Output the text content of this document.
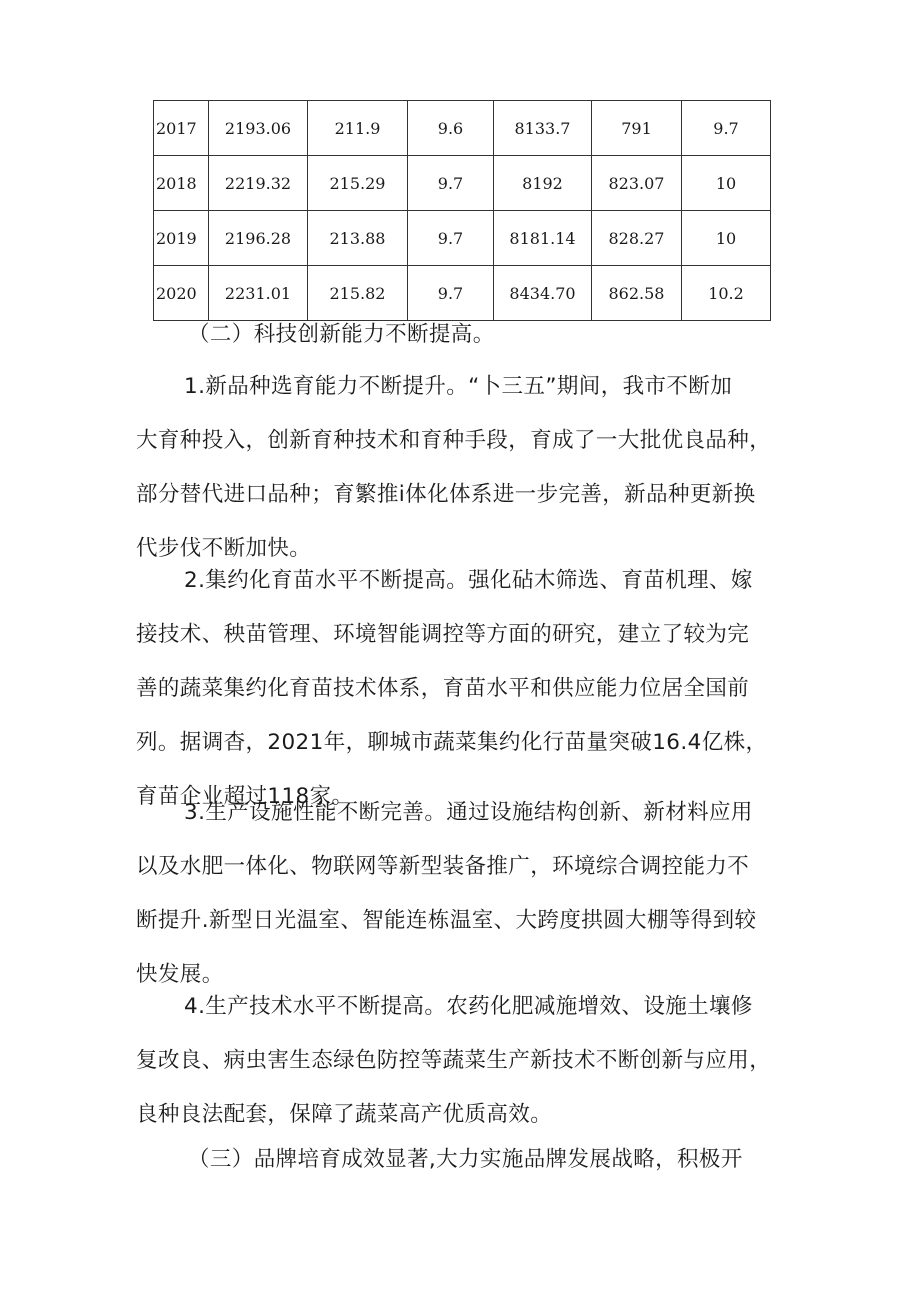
2017	2193.06	211.9	9.6	8133.7	791	9.7
2018	2219.32	215.29	9.7	8192	823.07	10
2019	2196.28	213.88	9.7	8181.14	828.27	10
2020	2231.01	215.82	9.7	8434.70	862.58	10.2
（二）科技创新能力不断提高。
1.新品种选育能力不断提升。“卜三五”期间，我市不断加
大育种投入，创新育种技术和育种手段，育成了一大批优良品种，
部分替代进口品种；育繁推i体化体系进一步完善，新品种更新换
代步伐不断加快。
2.集约化育苗水平不断提高。强化砧木筛选、育苗机理、嫁
接技术、秧苗管理、环境智能调控等方面的研究，建立了较为完
善的蔬菜集约化育苗技术体系，育苗水平和供应能力位居全国前
列。据调杳，2021年，聊城市蔬菜集约化行苗量突破16.4亿株，
育苗企业超过118家。
3.生产设施性能不断完善。通过设施结构创新、新材料应用
以及水肥一体化、物联网等新型装备推广，环境综合调控能力不
断提升.新型日光温室、智能连栋温室、大跨度拱圆大棚等得到较
快发展。
4.生产技术水平不断提高。农药化肥减施增效、设施土壤修
复改良、病虫害生态绿色防控等蔬菜生产新技术不断创新与应用，
良种良法配套，保障了蔬菜高产优质高效。
（三）品牌培育成效显著,大力实施品牌发展战略，积极开
